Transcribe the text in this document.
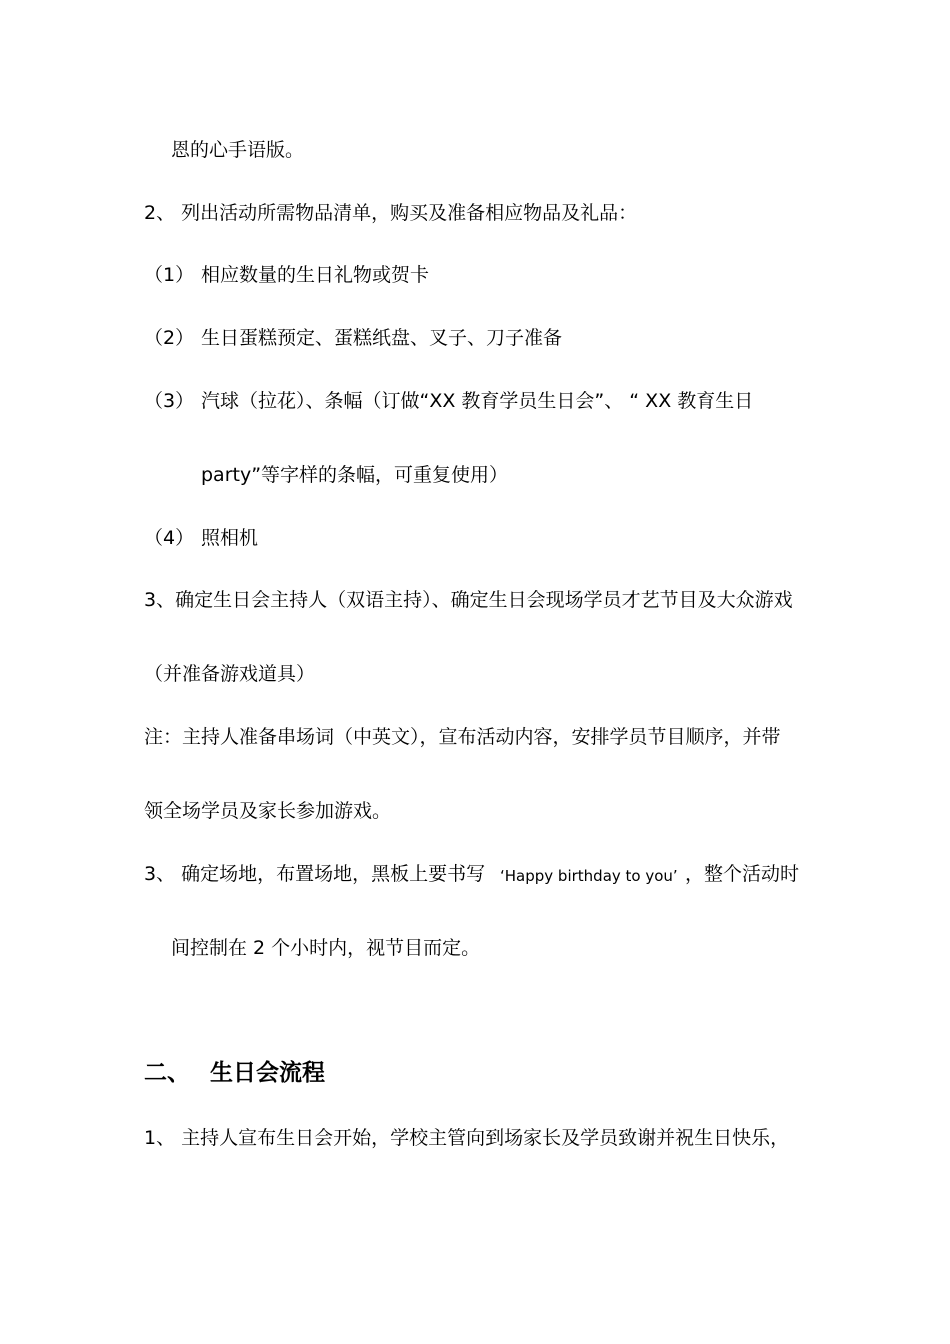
恩的心手语版。
2、 列出活动所需物品清单，购买及准备相应物品及礼品：
（1） 相应数量的生日礼物或贺卡
（2） 生日蛋糕预定、蛋糕纸盘、叉子、刀子准备
（3） 汽球（拉花）、条幅（订做“XX 教育学员生日会”、 “ XX 教育生日
party”等字样的条幅，可重复使用）
（4） 照相机
3、确定生日会主持人（双语主持）、确定生日会现场学员才艺节目及大众游戏
（并准备游戏道具）
注：主持人准备串场词（中英文），宣布活动内容，安排学员节目顺序，并带
领全场学员及家长参加游戏。
3、 确定场地，布置场地，黑板上要书写 ‘Happy birthday to you’ ，整个活动时
间控制在 2 个小时内，视节目而定。
二、 生日会流程
1、 主持人宣布生日会开始，学校主管向到场家长及学员致谢并祝生日快乐，
